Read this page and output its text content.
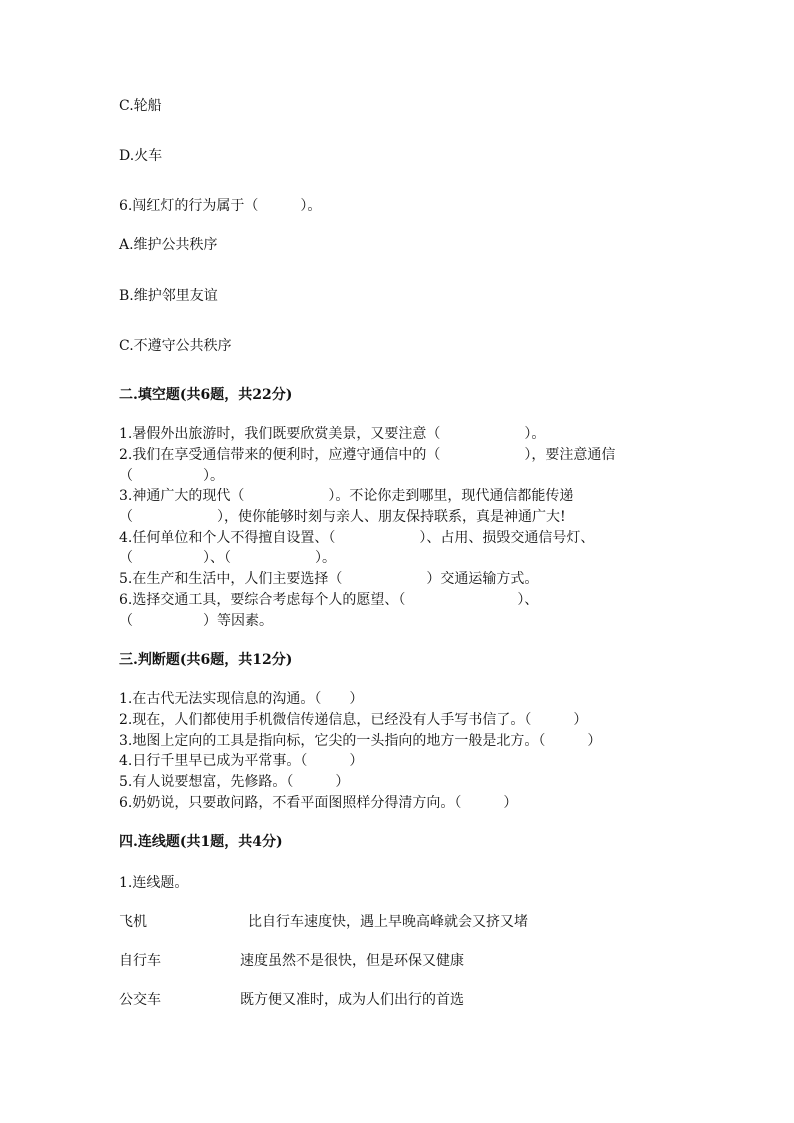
C.轮船
D.火车
6.闯红灯的行为属于（　　　）。
A.维护公共秩序
B.维护邻里友谊
C.不遵守公共秩序
二.填空题(共6题，共22分)
1.暑假外出旅游时，我们既要欣赏美景，又要注意（　　　　　　）。
2.我们在享受通信带来的便利时，应遵守通信中的（　　　　　　），要注意通信
（　　　　　）。
3.神通广大的现代（　　　　　　）。不论你走到哪里，现代通信都能传递
（　　　　　　），使你能够时刻与亲人、朋友保持联系，真是神通广大!
4.任何单位和个人不得擅自设置、（　　　　　　）、占用、损毁交通信号灯、
（　　　　　）、（　　　　　　）。
5.在生产和生活中，人们主要选择（　　　　　　）交通运输方式。
6.选择交通工具，要综合考虑每个人的愿望、（　　　　　　　　）、
（　　　　　）等因素。
三.判断题(共6题，共12分)
1.在古代无法实现信息的沟通。（　　）
2.现在，人们都使用手机微信传递信息，已经没有人手写书信了。（　　　）
3.地图上定向的工具是指向标，它尖的一头指向的地方一般是北方。（　　　）
4.日行千里早已成为平常事。（　　　）
5.有人说要想富，先修路。（　　　）
6.奶奶说，只要敢问路，不看平面图照样分得清方向。（　　　）
四.连线题(共1题，共4分)
1.连线题。
飞机	比自行车速度快，遇上早晚高峰就会又挤又堵
自行车	速度虽然不是很快，但是环保又健康
公交车	既方便又准时，成为人们出行的首选
